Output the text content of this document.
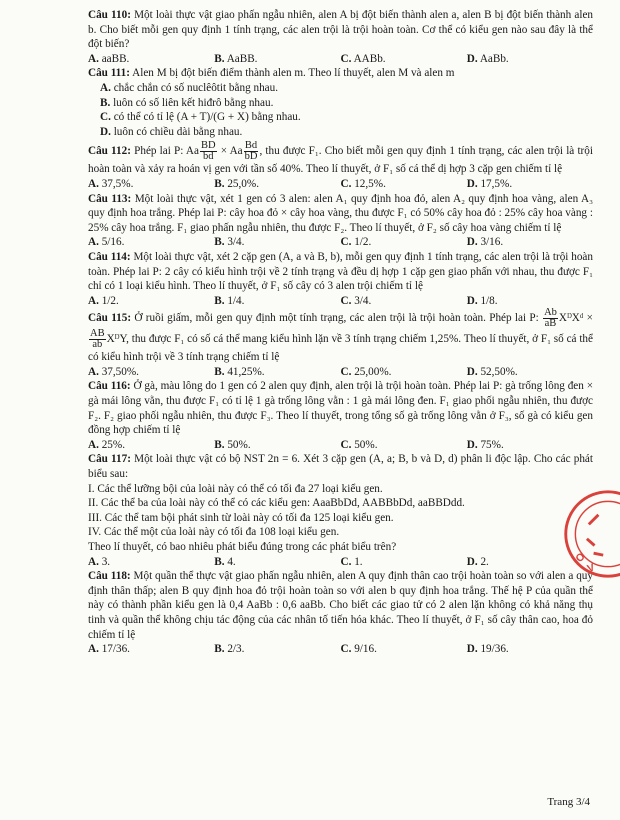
Câu 110: Một loài thực vật giao phấn ngẫu nhiên, alen A bị đột biến thành alen a, alen B bị đột biến thành alen b. Cho biết mỗi gen quy định 1 tính trạng, các alen trội là trội hoàn toàn. Cơ thể có kiểu gen nào sau đây là thể đột biến?

A. aaBB.	B. AaBB.	C. AABb.	D. AaBb.

Câu 111: Alen M bị đột biến điểm thành alen m. Theo lí thuyết, alen M và alen m

A. chắc chắn có số nuclêôtit bằng nhau.
B. luôn có số liên kết hiđrô bằng nhau.
C. có thể có tỉ lệ (A + T)/(G + X) bằng nhau.
D. luôn có chiều dài bằng nhau.

Câu 112: Phép lai P: Aa $\frac{BD}{bd} \times Aa \frac{Bd}{bD}$ , thu được F₁. Cho biết mỗi gen quy định 1 tính trạng, các alen trội là trội hoàn toàn và xảy ra hoán vị gen với tần số 40%. Theo lí thuyết, ở F₁ số cá thể dị hợp 3 cặp gen chiếm tỉ lệ

A. 37,5%.	B. 25,0%.	C. 12,5%.	D. 17,5%.

Câu 113: Một loài thực vật, xét 1 gen có 3 alen: alen A₁ quy định hoa đỏ, alen A₂ quy định hoa vàng, alen A₃ quy định hoa trắng. Phép lai P: cây hoa đỏ × cây hoa vàng, thu được F₁ có 50% cây hoa đỏ : 25% cây hoa vàng : 25% cây hoa trắng. F₁ giao phấn ngẫu nhiên, thu được F₂. Theo lí thuyết, ở F₂ số cây hoa vàng chiếm tỉ lệ

A. 5/16.	B. 3/4.	C. 1/2.	D. 3/16.

Câu 114: Một loài thực vật, xét 2 cặp gen (A, a và B, b), mỗi gen quy định 1 tính trạng, các alen trội là trội hoàn toàn. Phép lai P: 2 cây có kiểu hình trội về 2 tính trạng và đều dị hợp 1 cặp gen giao phấn với nhau, thu được F₁ chỉ có 1 loại kiểu hình. Theo lí thuyết, ở F₁ số cây có 3 alen trội chiếm tỉ lệ

A. 1/2.	B. 1/4.	C. 3/4.	D. 1/8.

Câu 115: Ở ruồi giấm, mỗi gen quy định một tính trạng, các alen trội là trội hoàn toàn. Phép lai P: $\frac{Ab}{aB}$ XᴰXᵈ ×
$\frac{AB}{ab}$ XᴰY, thu được F₁ có số cá thể mang kiểu hình lặn về 3 tính trạng chiếm 1,25%. Theo lí thuyết, ở F₁ số cá thể có kiểu hình trội về 3 tính trạng chiếm tỉ lệ

A. 37,50%.	B. 41,25%.	C. 25,00%.	D. 52,50%.

Câu 116: Ở gà, màu lông do 1 gen có 2 alen quy định, alen trội là trội hoàn toàn. Phép lai P: gà trống lông đen × gà mái lông vằn, thu được F₁ có tỉ lệ 1 gà trống lông vằn : 1 gà mái lông đen. F₁ giao phối ngẫu nhiên, thu được F₂. F₂ giao phối ngẫu nhiên, thu được F₃. Theo lí thuyết, trong tổng số gà trống lông vằn ở F₃, số gà có kiểu gen đồng hợp chiếm tỉ lệ

A. 25%.	B. 50%.	C. 50%.	D. 75%.

Câu 117: Một loài thực vật có bộ NST 2n = 6. Xét 3 cặp gen (A, a; B, b và D, d) phân li độc lập. Cho các phát biểu sau:

I. Các thể lưỡng bội của loài này có thể có tối đa 27 loại kiểu gen.
II. Các thể ba của loài này có thể có các kiểu gen: AaaBbDd, AABBbDd, aaBBDdd.
III. Các thể tam bội phát sinh từ loài này có tối đa 125 loại kiểu gen.
IV. Các thể một của loài này có tối đa 108 loại kiểu gen.
Theo lí thuyết, có bao nhiêu phát biểu đúng trong các phát biểu trên?
A. 3.	B. 4.	C. 1.	D. 2.

Câu 118: Một quần thể thực vật giao phấn ngẫu nhiên, alen A quy định thân cao trội hoàn toàn so với alen a quy định thân thấp; alen B quy định hoa đỏ trội hoàn toàn so với alen b quy định hoa trắng. Thế hệ P của quần thể này có thành phần kiểu gen là 0,4 AaBb : 0,6 aaBb. Cho biết các giao tử có 2 alen lặn không có khả năng thụ tinh và quần thể không chịu tác động của các nhân tố tiến hóa khác. Theo lí thuyết, ở F₁ số cây thân cao, hoa đỏ chiếm tỉ lệ

A. 17/36.	B. 2/3.	C. 9/16.	D. 19/36.
O
V
Trang 3/4
